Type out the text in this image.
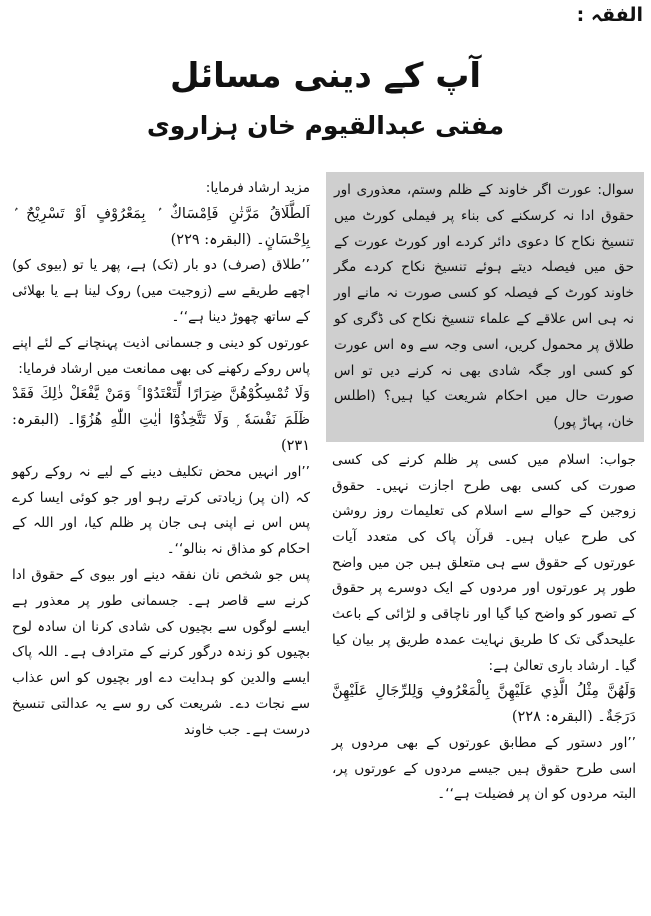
الفقہ :
آپ کے دینی مسائل
مفتی عبدالقیوم خان ہزاروی

سوال: عورت اگر خاوند کے ظلم وستم، معذوری اور حقوق ادا نہ کرسکنے کی بناء پر فیملی کورٹ میں تنسیخ نکاح کا دعوی دائر کردے اور کورٹ عورت کے حق میں فیصلہ دیتے ہوئے تنسیخ نکاح کردے مگر خاوند کورٹ کے فیصلہ کو کسی صورت نہ مانے اور نہ ہی اس علاقے کے علماء تنسیخ نکاح کی ڈگری کو طلاق پر محمول کریں، اسی وجہ سے وہ اس عورت کو کسی اور جگہ شادی بھی نہ کرنے دیں تو اس صورت حال میں احکام شریعت کیا ہیں؟ (اطلس خان، پہاڑ پور)

جواب: اسلام میں کسی پر ظلم کرنے کی کسی صورت کی کسی بھی طرح اجازت نہیں۔ حقوق زوجین کے حوالے سے اسلام کی تعلیمات روز روشن کی طرح عیاں ہیں۔ قرآن پاک کی متعدد آیات عورتوں کے حقوق سے ہی متعلق ہیں جن میں واضح طور پر عورتوں اور مردوں کے ایک دوسرے پر حقوق کے تصور کو واضح کیا گیا اور ناچاقی و لڑائی کے باعث علیحدگی تک کا طریق نہایت عمدہ طریق پر بیان کیا گیا۔ ارشاد باری تعالیٰ ہے:

وَلَهُنَّ مِثْلُ الَّذِي عَلَيْهِنَّ بِالْمَعْرُوفِ وَلِلرِّجَالِ عَلَيْهِنَّ دَرَجَةٌ۔ (البقرہ: ۲۲۸)

’’اور دستور کے مطابق عورتوں کے بھی مردوں پر اسی طرح حقوق ہیں جیسے مردوں کے عورتوں پر، البتہ مردوں کو ان پر فضیلت ہے‘‘۔

مزید ارشاد فرمایا:

اَلطَّلَاقُ مَرَّتٰنِ فَاِمْسَاكٌ ۢ بِمَعْرُوْفٍ اَوْ تَسْرِيْحٌ ۢ بِاِحْسَانٍ۔ (البقرہ: ۲۲۹)

’’طلاق (صرف) دو بار (تک) ہے، پھر یا تو (بیوی کو) اچھے طریقے سے (زوجیت میں) روک لینا ہے یا بھلائی کے ساتھ چھوڑ دینا ہے‘‘۔

عورتوں کو دینی و جسمانی اذیت پہنچانے کے لئے اپنے پاس روکے رکھنے کی بھی ممانعت میں ارشاد فرمایا:

وَلَا تُمْسِكُوْهُنَّ ضِرَارًا لِّتَعْتَدُوْا ۚ وَمَنْ يَّفْعَلْ ذٰلِكَ فَقَدْ ظَلَمَ نَفْسَهٗ ۭ وَلَا تَتَّخِذُوْٓا اٰيٰتِ اللّٰهِ هُزُوًا۔ (البقرہ: ۲۳۱)

’’اور انہیں محض تکلیف دینے کے لیے نہ روکے رکھو کہ (ان پر) زیادتی کرتے رہو اور جو کوئی ایسا کرے پس اس نے اپنی ہی جان پر ظلم کیا، اور اللہ کے احکام کو مذاق نہ بنالو‘‘۔

پس جو شخص نان نفقہ دینے اور بیوی کے حقوق ادا کرنے سے قاصر ہے۔ جسمانی طور پر معذور ہے ایسے لوگوں سے بچیوں کی شادی کرنا ان سادہ لوح بچیوں کو زندہ درگور کرنے کے مترادف ہے۔ اللہ پاک ایسے والدین کو ہدایت دے اور بچیوں کو اس عذاب سے نجات دے۔ شریعت کی رو سے یہ عدالتی تنسیخ درست ہے۔ جب خاوند
